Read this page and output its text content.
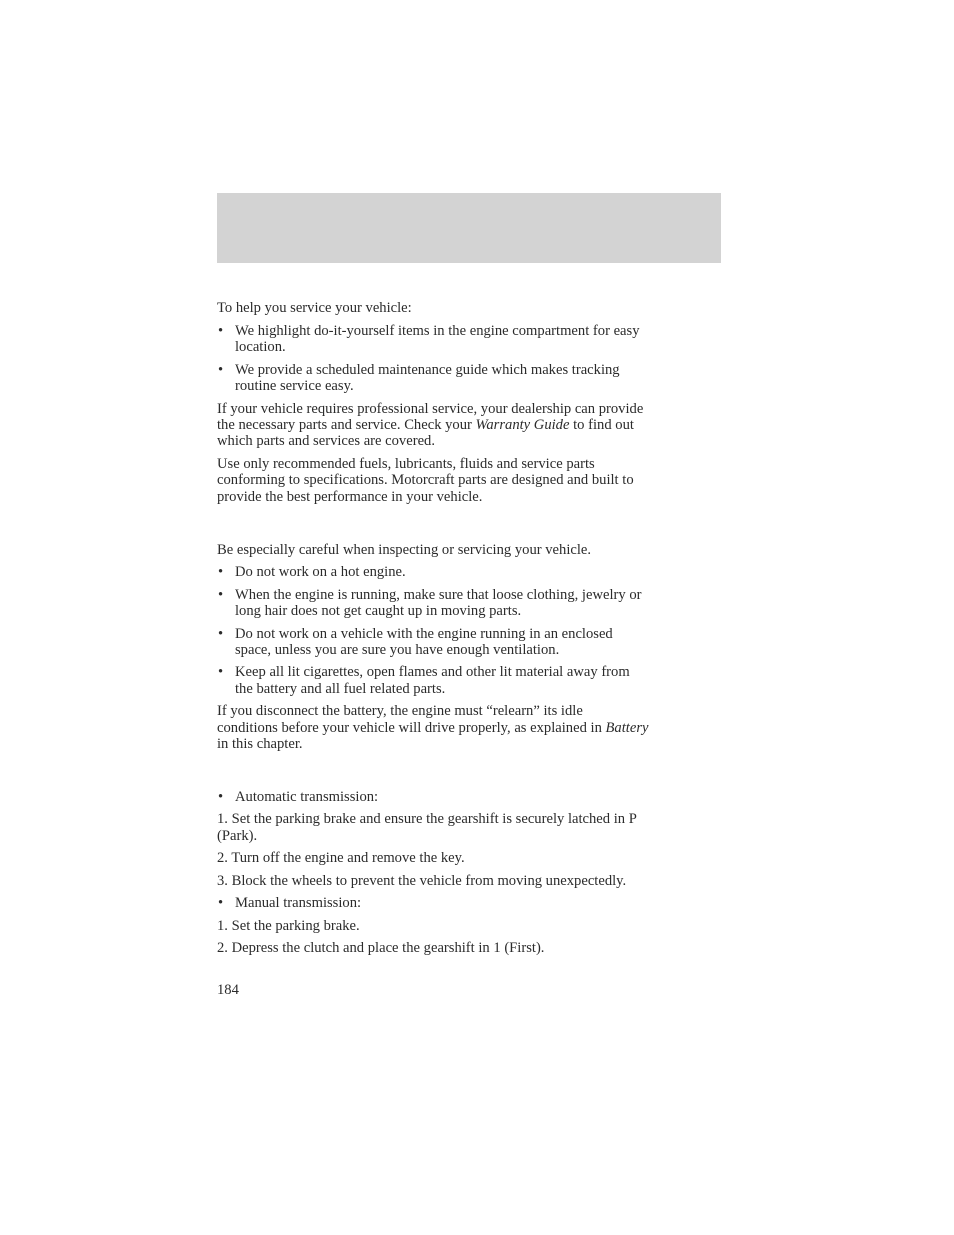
To help you service your vehicle:
• We highlight do-it-yourself items in the engine compartment for easy
location.
• We provide a scheduled maintenance guide which makes tracking
routine service easy.
If your vehicle requires professional service, your dealership can provide
the necessary parts and service. Check your Warranty Guide to find out
which parts and services are covered.
Use only recommended fuels, lubricants, fluids and service parts
conforming to specifications. Motorcraft parts are designed and built to
provide the best performance in your vehicle.
Be especially careful when inspecting or servicing your vehicle.
• Do not work on a hot engine.
• When the engine is running, make sure that loose clothing, jewelry or
long hair does not get caught up in moving parts.
• Do not work on a vehicle with the engine running in an enclosed
space, unless you are sure you have enough ventilation.
• Keep all lit cigarettes, open flames and other lit material away from
the battery and all fuel related parts.
If you disconnect the battery, the engine must “relearn” its idle
conditions before your vehicle will drive properly, as explained in Battery
in this chapter.
• Automatic transmission:
1. Set the parking brake and ensure the gearshift is securely latched in P
(Park).
2. Turn off the engine and remove the key.
3. Block the wheels to prevent the vehicle from moving unexpectedly.
• Manual transmission:
1. Set the parking brake.
2. Depress the clutch and place the gearshift in 1 (First).
184
